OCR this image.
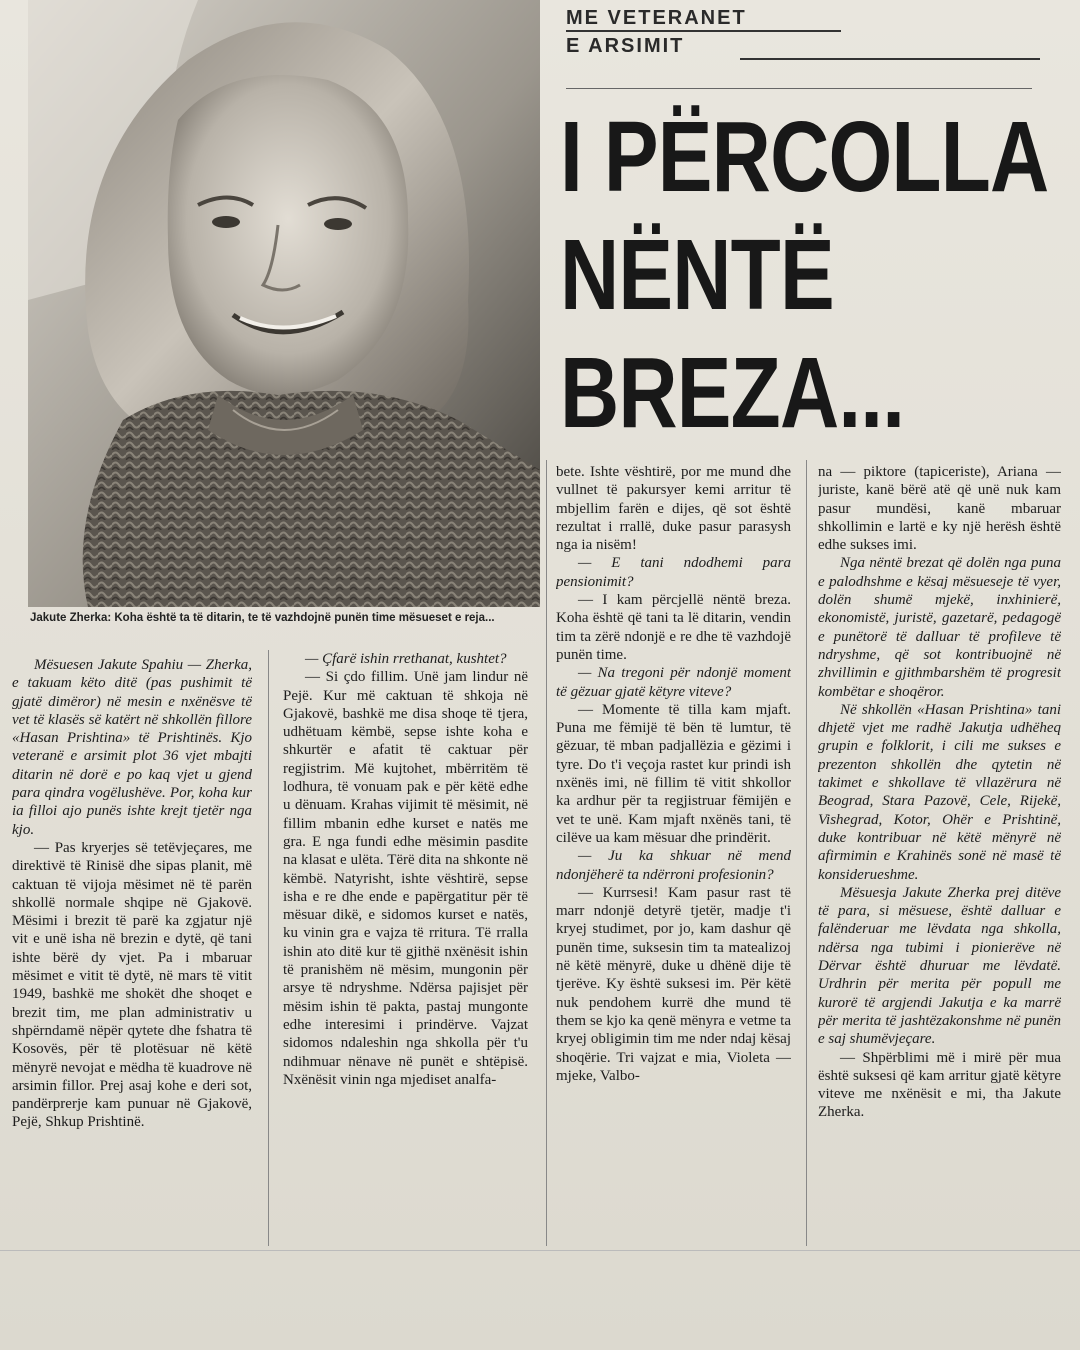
Jakute Zherka: Koha është ta të ditarin, te të vazhdojnë punën time mësueset e reja...
ME VETERANET
E ARSIMIT
I PËRCOLLA
NËNTË
BREZA...

Mësuesen Jakute Spahiu — Zherka, e takuam këto ditë (pas pushimit të gjatë dimëror) në mesin e nxënësve të vet të klasës së katërt në shkollën fillore «Hasan Prishtina» të Prishtinës. Kjo veteranë e arsimit plot 36 vjet mbajti ditarin në dorë e po kaq vjet u gjend para qindra vogëlushëve. Por, koha kur ia filloi ajo punës ishte krejt tjetër nga kjo.

— Pas kryerjes së tetëvjeçares, me direktivë të Rinisë dhe sipas planit, më caktuan të vijoja mësimet në të parën shkollë normale shqipe në Gjakovë. Mësimi i brezit të parë ka zgjatur një vit e unë isha në brezin e dytë, që tani ishte bërë dy vjet. Pa i mbaruar mësimet e vitit të dytë, në mars të vitit 1949, bashkë me shokët dhe shoqet e brezit tim, me plan administrativ u shpërndamë nëpër qytete dhe fshatra të Kosovës, për të plotësuar në këtë mënyrë nevojat e mëdha të kuadrove në arsimin fillor. Prej asaj kohe e deri sot, pandërprerje kam punuar në Gjakovë, Pejë, Shkup Prishtinë.

— Çfarë ishin rrethanat, kushtet?

— Si çdo fillim. Unë jam lindur në Pejë. Kur më caktuan të shkoja në Gjakovë, bashkë me disa shoqe të tjera, udhëtuam këmbë, sepse ishte koha e shkurtër e afatit të caktuar për regjistrim. Më kujtohet, mbërritëm të lodhura, të vonuam pak e për këtë edhe u dënuam. Krahas vijimit të mësimit, në fillim mbanin edhe kurset e natës me gra. E nga fundi edhe mësimin pasdite na klasat e ulëta. Tërë dita na shkonte në këmbë. Natyrisht, ishte vështirë, sepse isha e re dhe ende e papërgatitur për të mësuar dikë, e sidomos kurset e natës, ku vinin gra e vajza të rritura. Të rralla ishin ato ditë kur të gjithë nxënësit ishin të pranishëm në mësim, mungonin për arsye të ndryshme. Ndërsa pajisjet për mësim ishin të pakta, pastaj mungonte edhe interesimi i prindërve. Vajzat sidomos ndaleshin nga shkolla për t'u ndihmuar nënave në punët e shtëpisë. Nxënësit vinin nga mjediset analfa-

bete. Ishte vështirë, por me mund dhe vullnet të pakursyer kemi arritur të mbjellim farën e dijes, që sot është rezultat i rrallë, duke pasur parasysh nga ia nisëm!

— E tani ndodhemi para pensionimit?

— I kam përcjellë nëntë breza. Koha është që tani ta lë ditarin, vendin tim ta zërë ndonjë e re dhe të vazhdojë punën time.

— Na tregoni për ndonjë moment të gëzuar gjatë këtyre viteve?

— Momente të tilla kam mjaft. Puna me fëmijë të bën të lumtur, të gëzuar, të mban padjallëzia e gëzimi i tyre. Do t'i veçoja rastet kur prindi ish nxënës imi, në fillim të vitit shkollor ka ardhur për ta regjistruar fëmijën e vet te unë. Kam mjaft nxënës tani, të cilëve ua kam mësuar dhe prindërit.

— Ju ka shkuar në mend ndonjëherë ta ndërroni profesionin?

— Kurrsesi! Kam pasur rast të marr ndonjë detyrë tjetër, madje t'i kryej studimet, por jo, kam dashur që punën time, suksesin tim ta matealizoj në këtë mënyrë, duke u dhënë dije të tjerëve. Ky është suksesi im. Për këtë nuk pendohem kurrë dhe mund të them se kjo ka qenë mënyra e vetme ta kryej obligimin tim me nder ndaj kësaj shoqërie. Tri vajzat e mia, Violeta — mjeke, Valbo-

na — piktore (tapiceriste), Ariana — juriste, kanë bërë atë që unë nuk kam pasur mundësi, kanë mbaruar shkollimin e lartë e ky një herësh është edhe sukses imi.

Nga nëntë brezat që dolën nga puna e palodhshme e kësaj mësueseje të vyer, dolën shumë mjekë, inxhinierë, ekonomistë, juristë, gazetarë, pedagogë e punëtorë të dalluar të profileve të ndryshme, që sot kontribuojnë në zhvillimin e gjithmbarshëm të progresit kombëtar e shoqëror.

Në shkollën «Hasan Prishtina» tani dhjetë vjet me radhë Jakutja udhëheq grupin e folklorit, i cili me sukses e prezenton shkollën dhe qytetin në takimet e shkollave të vllazërura në Beograd, Stara Pazovë, Cele, Rijekë, Vishegrad, Kotor, Ohër e Prishtinë, duke kontribuar në këtë mënyrë në afirmimin e Krahinës sonë në masë të konsiderueshme.

Mësuesja Jakute Zherka prej ditëve të para, si mësuese, është dalluar e falënderuar me lëvdata nga shkolla, ndërsa nga tubimi i pionierëve në Dërvar është dhuruar me lëvdatë. Urdhrin për merita për popull me kurorë të argjendi Jakutja e ka marrë për merita të jashtëzakonshme në punën e saj shumëvjeçare.

— Shpërblimi më i mirë për mua është suksesi që kam arritur gjatë këtyre viteve me nxënësit e mi, tha Jakute Zherka.
